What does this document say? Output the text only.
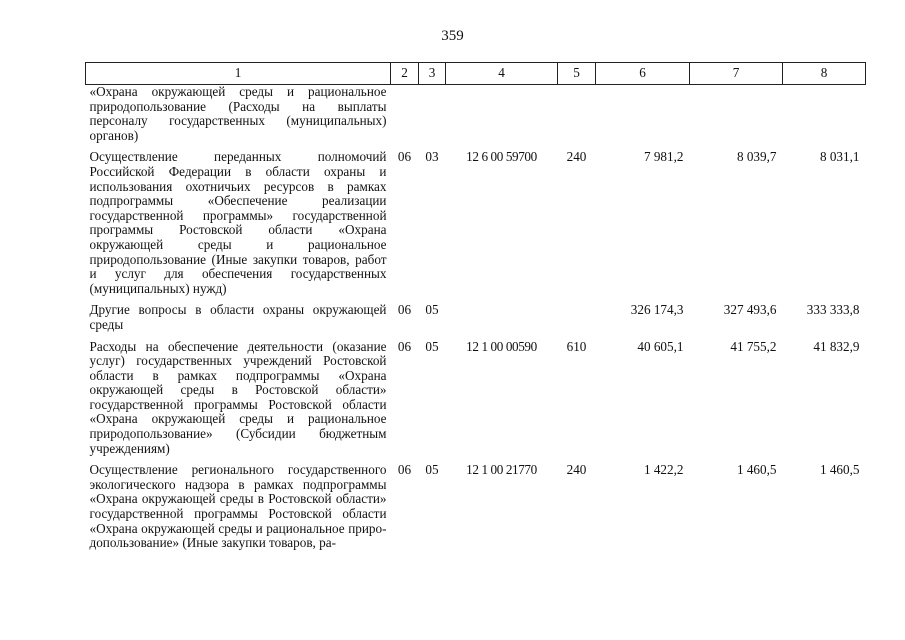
359
1	2	3	4	5	6	7	8
«Охрана окружающей среды и рациональное природопользование (Расходы на выплаты персоналу государственных (муниципальных) органов)							
Осуществление переданных полномочий Российской Федерации в области охраны и использования охотничьих ресурсов в рамках подпрограммы «Обеспечение реализации государственной программы» государственной программы Ростовской области «Охрана окружающей среды и рациональное природопользование (Иные закупки товаров, работ и услуг для обеспечения государственных (муниципальных) нужд)	06	03	12 6 00 59700	240	7 981,2	8 039,7	8 031,1
Другие вопросы в области охраны окружающей среды	06	05			326 174,3	327 493,6	333 333,8
Расходы на обеспечение деятельности (оказание услуг) государственных учреждений Ростовской области в рамках подпрограммы «Охрана окружающей среды в Ростовской области» государственной программы Ростовской области «Охрана окружающей среды и рациональное природопользование» (Субсидии бюджетным учреждениям)	06	05	12 1 00 00590	610	40 605,1	41 755,2	41 832,9
Осуществление регионального государственного экологического надзора в рамках подпрограммы «Охрана окружающей среды в Ростовской области» государственной программы Ростовской области «Охрана окружающей среды и рациональное природопользование» (Иные закупки товаров, ра-	06	05	12 1 00 21770	240	1 422,2	1 460,5	1 460,5
